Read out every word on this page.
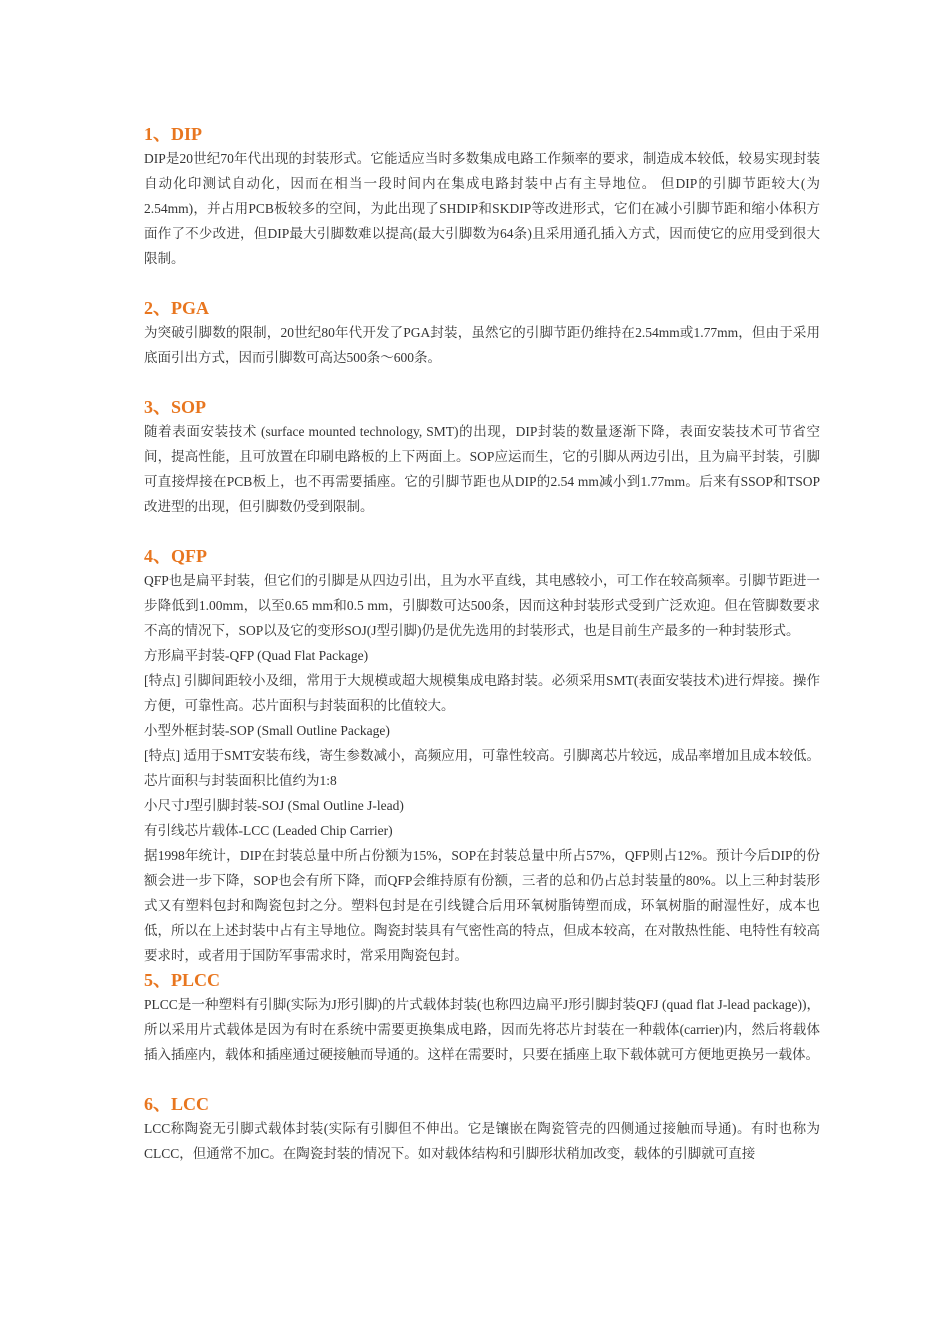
1、DIP

DIP是20世纪70年代出现的封装形式。它能适应当时多数集成电路工作频率的要求，制造成本较低，较易实现封装自动化印测试自动化，因而在相当一段时间内在集成电路封装中占有主导地位。 但DIP的引脚节距较大(为2.54mm)，并占用PCB板较多的空间，为此出现了SHDIP和SKDIP等改进形式，它们在减小引脚节距和缩小体积方面作了不少改进，但DIP最大引脚数难以提高(最大引脚数为64条)且采用通孔插入方式，因而使它的应用受到很大限制。

2、PGA

为突破引脚数的限制，20世纪80年代开发了PGA封装，虽然它的引脚节距仍维持在2.54mm或1.77mm，但由于采用底面引出方式，因而引脚数可高达500条～600条。

3、SOP

随着表面安装技术 (surface mounted technology, SMT)的出现，DIP封装的数量逐渐下降，表面安装技术可节省空间，提高性能，且可放置在印刷电路板的上下两面上。SOP应运而生，它的引脚从两边引出，且为扁平封装，引脚可直接焊接在PCB板上，也不再需要插座。它的引脚节距也从DIP的2.54 mm减小到1.77mm。后来有SSOP和TSOP改进型的出现，但引脚数仍受到限制。

4、QFP

QFP也是扁平封装，但它们的引脚是从四边引出，且为水平直线，其电感较小，可工作在较高频率。引脚节距进一步降低到1.00mm，以至0.65 mm和0.5 mm，引脚数可达500条，因而这种封装形式受到广泛欢迎。但在管脚数要求不高的情况下，SOP以及它的变形SOJ(J型引脚)仍是优先选用的封装形式，也是目前生产最多的一种封装形式。

方形扁平封装-QFP (Quad Flat Package)

[特点] 引脚间距较小及细，常用于大规模或超大规模集成电路封装。必须采用SMT(表面安装技术)进行焊接。操作方便，可靠性高。芯片面积与封装面积的比值较大。

小型外框封装-SOP (Small Outline Package)

[特点] 适用于SMT安装布线，寄生参数减小，高频应用，可靠性较高。引脚离芯片较远，成品率增加且成本较低。 芯片面积与封装面积比值约为1:8

小尺寸J型引脚封装-SOJ (Smal Outline J-lead)

有引线芯片载体-LCC (Leaded Chip Carrier)

据1998年统计，DIP在封装总量中所占份额为15%，SOP在封装总量中所占57%，QFP则占12%。预计今后DIP的份额会进一步下降，SOP也会有所下降，而QFP会维持原有份额，三者的总和仍占总封装量的80%。以上三种封装形式又有塑料包封和陶瓷包封之分。塑料包封是在引线键合后用环氧树脂铸塑而成，环氧树脂的耐湿性好，成本也低，所以在上述封装中占有主导地位。陶瓷封装具有气密性高的特点，但成本较高，在对散热性能、电特性有较高要求时，或者用于国防军事需求时，常采用陶瓷包封。

5、PLCC

PLCC是一种塑料有引脚(实际为J形引脚)的片式载体封装(也称四边扁平J形引脚封装QFJ (quad flat J-lead package))，所以采用片式载体是因为有时在系统中需要更换集成电路，因而先将芯片封装在一种载体(carrier)内，然后将载体插入插座内，载体和插座通过硬接触而导通的。这样在需要时，只要在插座上取下载体就可方便地更换另一载体。

6、LCC

LCC称陶瓷无引脚式载体封装(实际有引脚但不伸出。它是镶嵌在陶瓷管壳的四侧通过接触而导通)。有时也称为CLCC，但通常不加C。在陶瓷封装的情况下。如对载体结构和引脚形状稍加改变，载体的引脚就可直接
